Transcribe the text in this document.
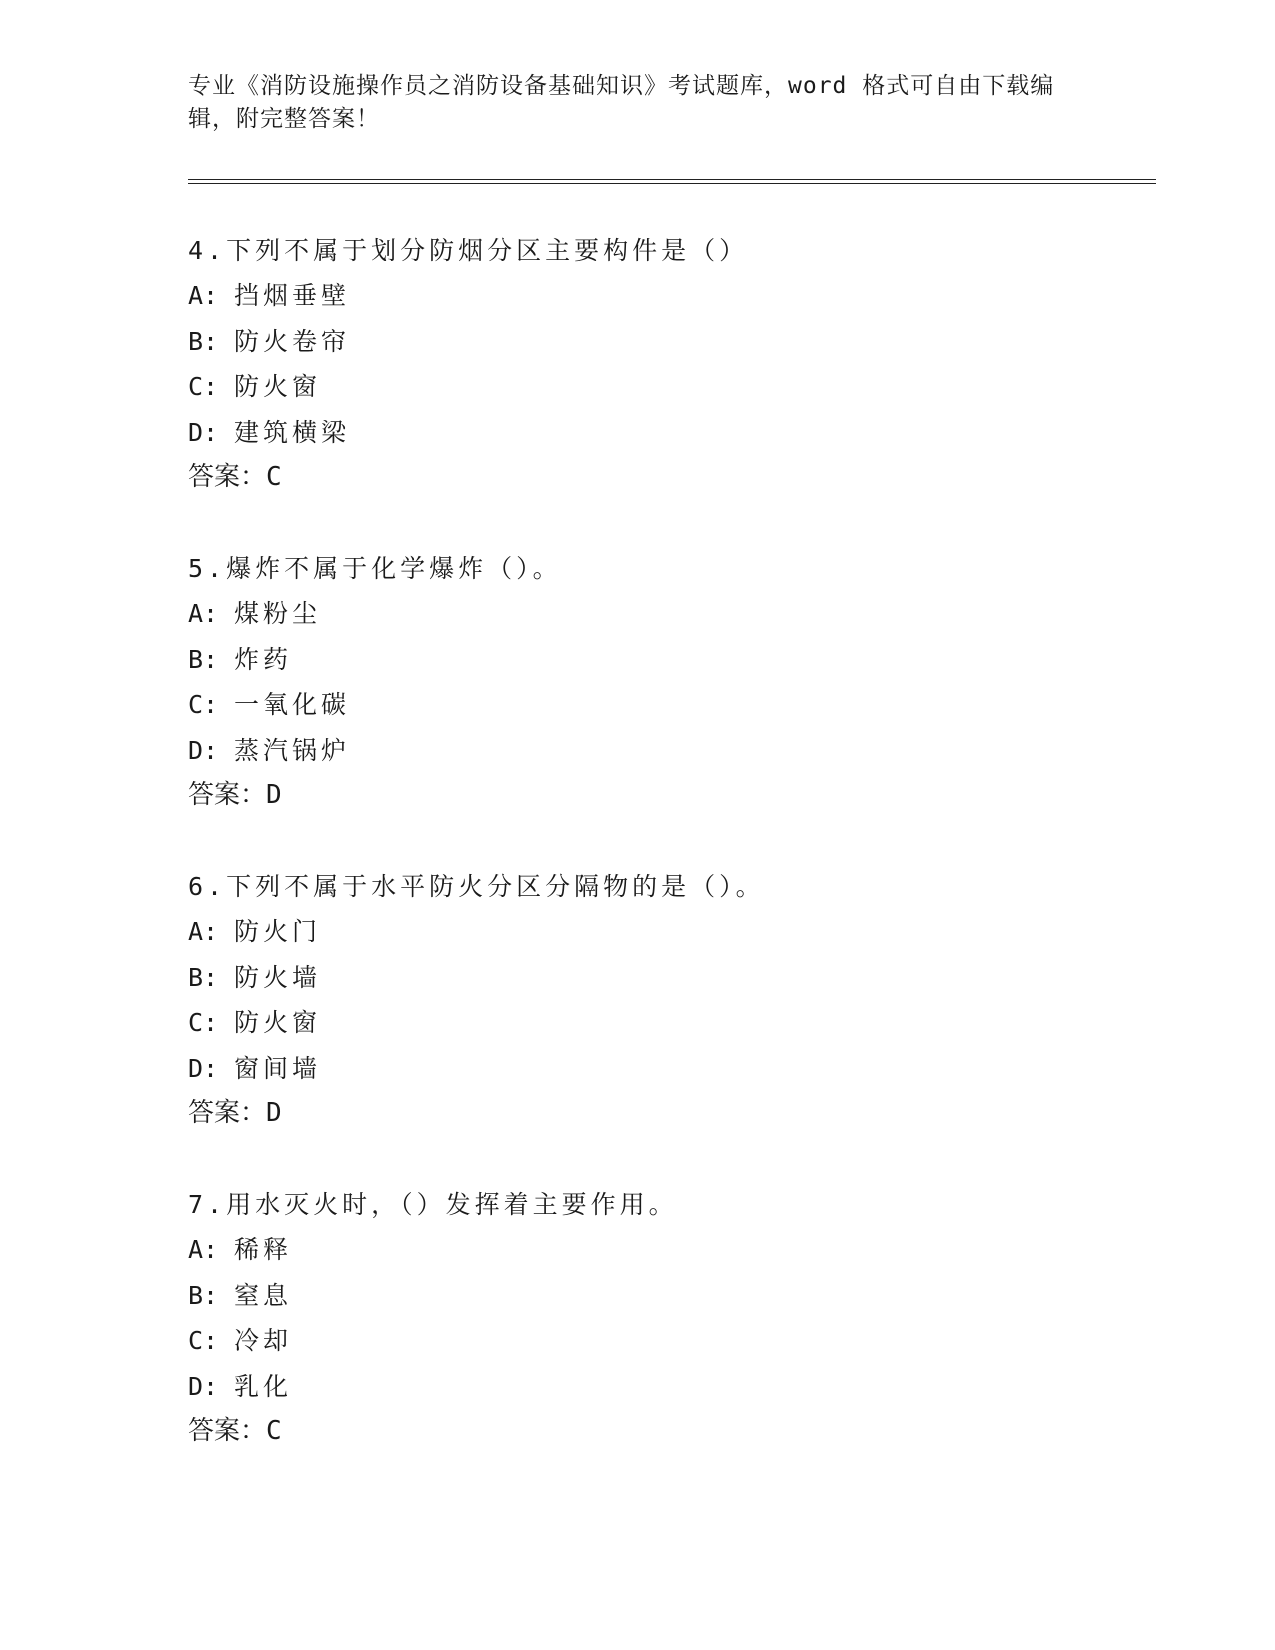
专业《消防设施操作员之消防设备基础知识》考试题库，word 格式可自由下载编
辑，附完整答案！
4.下列不属于划分防烟分区主要构件是（）
A: 挡烟垂壁
B: 防火卷帘
C: 防火窗
D: 建筑横梁
答案：C
5.爆炸不属于化学爆炸（）。
A: 煤粉尘
B: 炸药
C: 一氧化碳
D: 蒸汽锅炉
答案：D
6.下列不属于水平防火分区分隔物的是（）。
A: 防火门
B: 防火墙
C: 防火窗
D: 窗间墙
答案：D
7.用水灭火时，（）发挥着主要作用。
A: 稀释
B: 窒息
C: 冷却
D: 乳化
答案：C
